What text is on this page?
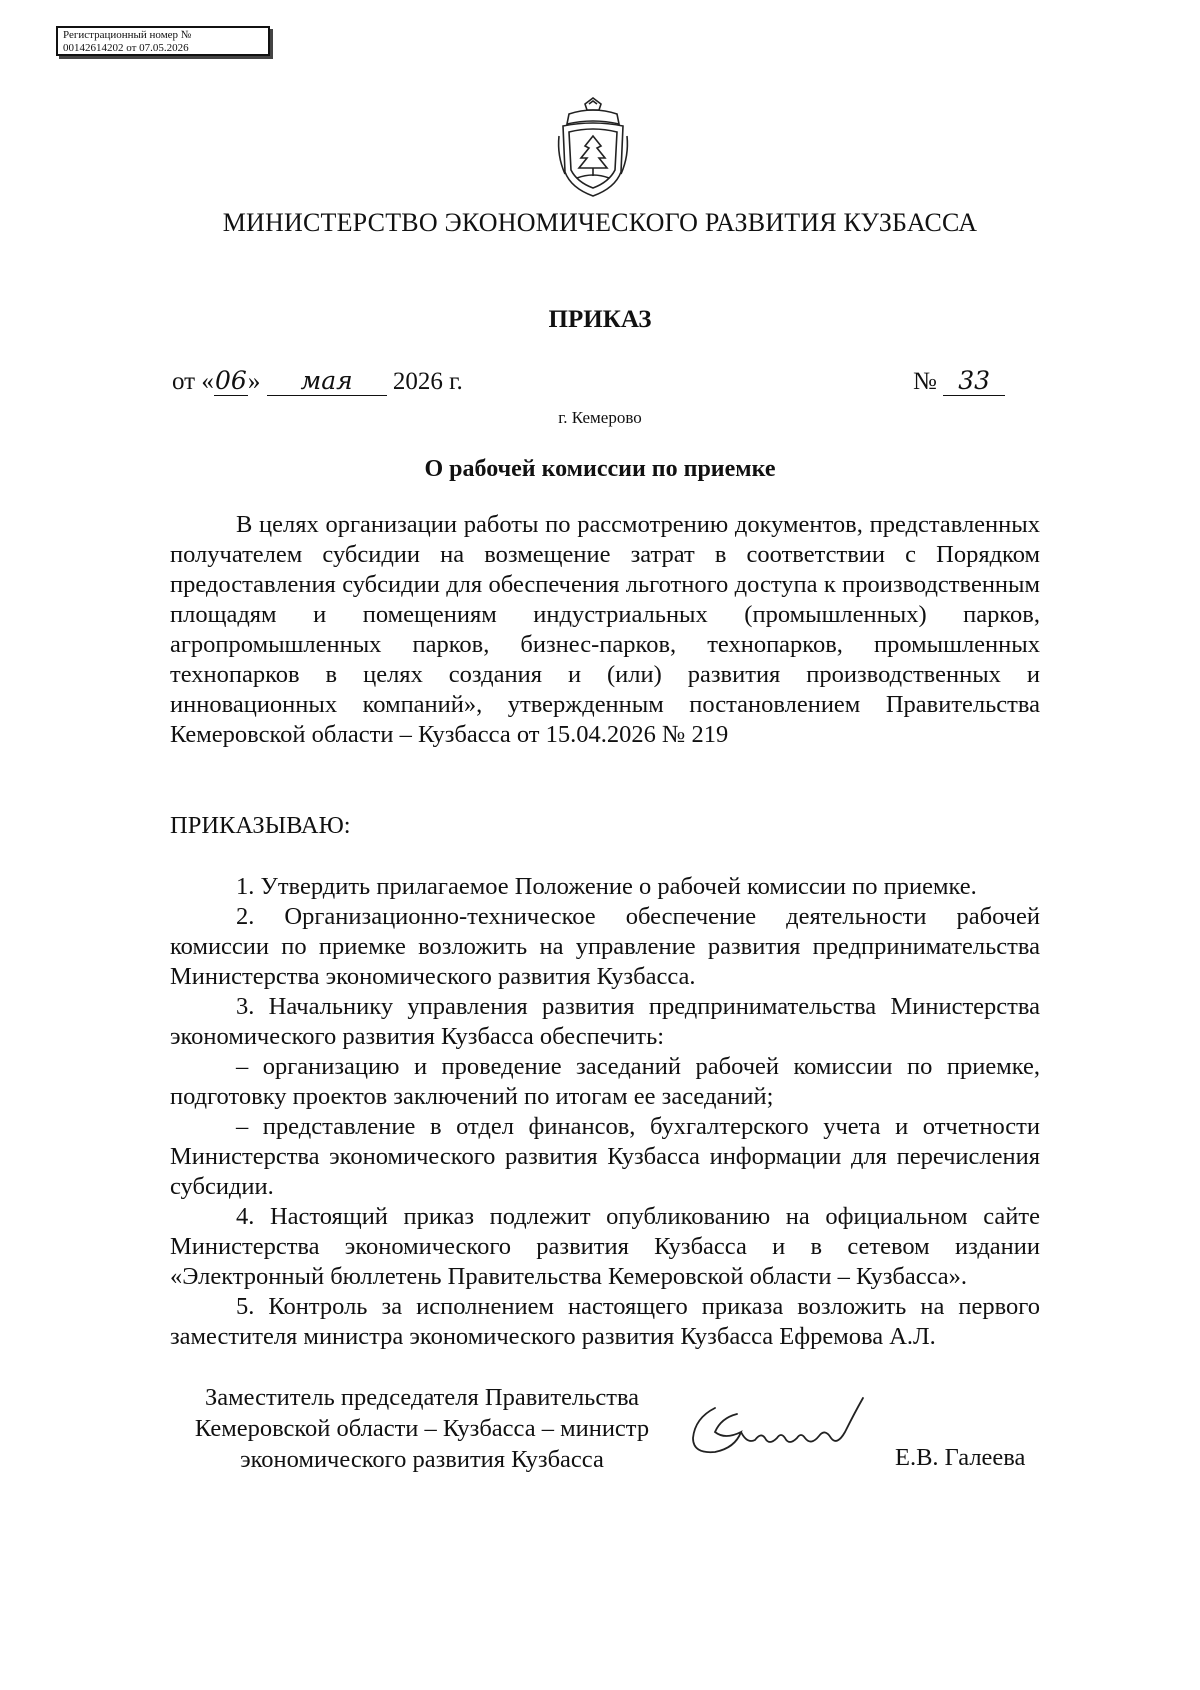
Регистрационный номер №
00142614202 от 07.05.2026
МИНИСТЕРСТВО ЭКОНОМИЧЕСКОГО РАЗВИТИЯ КУЗБАССА
ПРИКАЗ
от «06» мая 2026 г.	№ 33
г. Кемерово
О рабочей комиссии по приемке
В целях организации работы по рассмотрению документов, представленных получателем субсидии на возмещение затрат в соответствии с Порядком предоставления субсидии для обеспечения льготного доступа к производственным площадям и помещениям индустриальных (промышленных) парков, агропромышленных парков, бизнес-парков, технопарков, промышленных технопарков в целях создания и (или) развития производственных и инновационных компаний», утвержденным постановлением Правительства Кемеровской области – Кузбасса от 15.04.2026 № 219
ПРИКАЗЫВАЮ:

1. Утвердить прилагаемое Положение о рабочей комиссии по приемке.

2. Организационно-техническое обеспечение деятельности рабочей комиссии по приемке возложить на управление развития предпринимательства Министерства экономического развития Кузбасса.

3. Начальнику управления развития предпринимательства Министерства экономического развития Кузбасса обеспечить:

– организацию и проведение заседаний рабочей комиссии по приемке, подготовку проектов заключений по итогам ее заседаний;

– представление в отдел финансов, бухгалтерского учета и отчетности Министерства экономического развития Кузбасса информации для перечисления субсидии.

4. Настоящий приказ подлежит опубликованию на официальном сайте Министерства экономического развития Кузбасса и в сетевом издании «Электронный бюллетень Правительства Кемеровской области – Кузбасса».

5. Контроль за исполнением настоящего приказа возложить на первого заместителя министра экономического развития Кузбасса Ефремова А.Л.

Заместитель председателя Правительства
Кемеровской области – Кузбасса – министр
экономического развития Кузбасса	Е.В. Галеева
